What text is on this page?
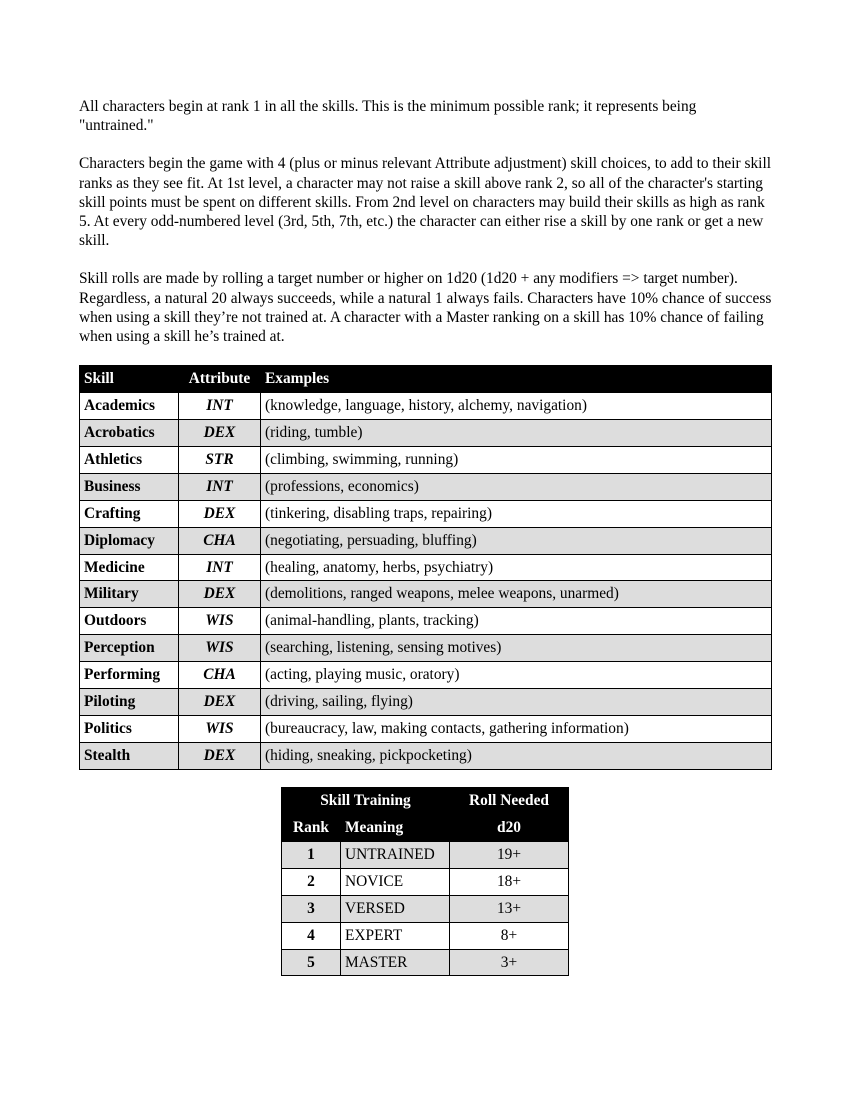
All characters begin at rank 1 in all the skills. This is the minimum possible rank; it represents being "untrained."

Characters begin the game with 4 (plus or minus relevant Attribute adjustment) skill choices, to add to their skill ranks as they see fit. At 1st level, a character may not raise a skill above rank 2, so all of the character's starting skill points must be spent on different skills. From 2nd level on characters may build their skills as high as rank 5. At every odd-numbered level (3rd, 5th, 7th, etc.) the character can either rise a skill by one rank or get a new skill.

Skill rolls are made by rolling a target number or higher on 1d20 (1d20 + any modifiers => target number). Regardless, a natural 20 always succeeds, while a natural 1 always fails. Characters have 10% chance of success when using a skill they’re not trained at. A character with a Master ranking on a skill has 10% chance of failing when using a skill he’s trained at.

Skill	Attribute	Examples
Academics	INT	(knowledge, language, history, alchemy, navigation)
Acrobatics	DEX	(riding, tumble)
Athletics	STR	(climbing, swimming, running)
Business	INT	(professions, economics)
Crafting	DEX	(tinkering, disabling traps, repairing)
Diplomacy	CHA	(negotiating, persuading, bluffing)
Medicine	INT	(healing, anatomy, herbs, psychiatry)
Military	DEX	(demolitions, ranged weapons, melee weapons, unarmed)
Outdoors	WIS	(animal-handling, plants, tracking)
Perception	WIS	(searching, listening, sensing motives)
Performing	CHA	(acting, playing music, oratory)
Piloting	DEX	(driving, sailing, flying)
Politics	WIS	(bureaucracy, law, making contacts, gathering information)
Stealth	DEX	(hiding, sneaking, pickpocketing)
Skill Training		Roll Needed
Rank	Meaning	d20
1	UNTRAINED	19+
2	NOVICE	18+
3	VERSED	13+
4	EXPERT	8+
5	MASTER	3+
